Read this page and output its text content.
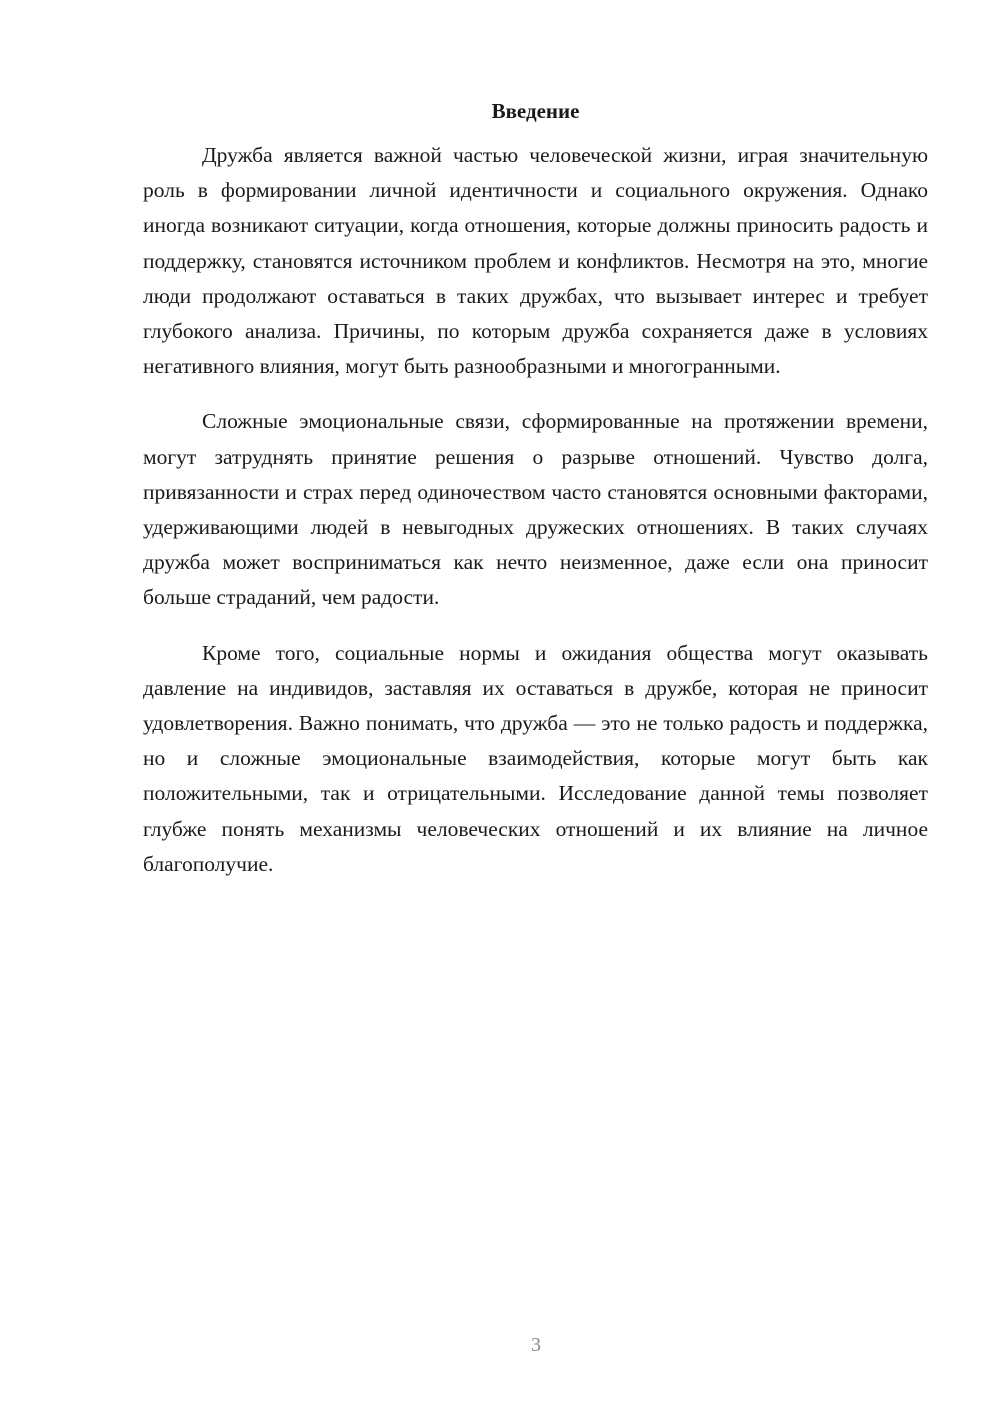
Введение

Дружба является важной частью человеческой жизни, играя значительную роль в формировании личной идентичности и социального окружения. Однако иногда возникают ситуации, когда отношения, которые должны приносить радость и поддержку, становятся источником проблем и конфликтов. Несмотря на это, многие люди продолжают оставаться в таких дружбах, что вызывает интерес и требует глубокого анализа. Причины, по которым дружба сохраняется даже в условиях негативного влияния, могут быть разнообразными и многогранными.

Сложные эмоциональные связи, сформированные на протяжении времени, могут затруднять принятие решения о разрыве отношений. Чувство долга, привязанности и страх перед одиночеством часто становятся основными факторами, удерживающими людей в невыгодных дружеских отношениях. В таких случаях дружба может восприниматься как нечто неизменное, даже если она приносит больше страданий, чем радости.

Кроме того, социальные нормы и ожидания общества могут оказывать давление на индивидов, заставляя их оставаться в дружбе, которая не приносит удовлетворения. Важно понимать, что дружба — это не только радость и поддержка, но и сложные эмоциональные взаимодействия, которые могут быть как положительными, так и отрицательными. Исследование данной темы позволяет глубже понять механизмы человеческих отношений и их влияние на личное благополучие.

3
